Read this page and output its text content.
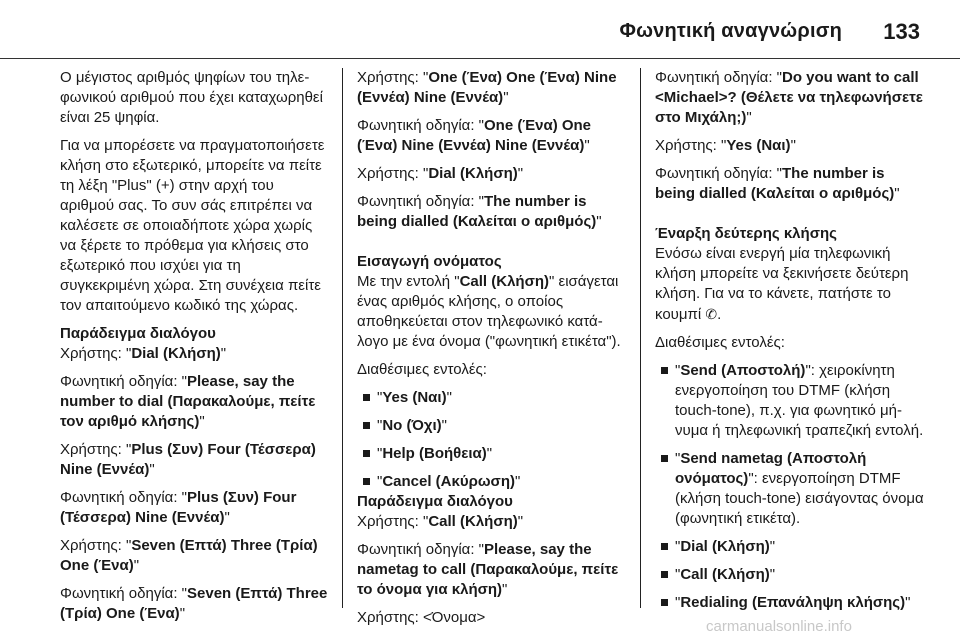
Φωνητική αναγνώριση 133

Ο μέγιστος αριθμός ψηφίων του τηλεφωνικού αριθμού που έχει καταχωρηθεί είναι 25 ψηφία.

Για να μπορέσετε να πραγματοποιήσετε κλήση στο εξωτερικό, μπορείτε να πείτε τη λέξη "Plus" (+) στην αρχή του αριθμού σας. Το συν σάς επιτρέπει να καλέσετε σε οποιαδήποτε χώρα χωρίς να ξέρετε το πρόθεμα για κλήσεις στο εξωτερικό που ισχύει για τη συγκεκριμένη χώρα. Στη συνέχεια πείτε τον απαιτούμενο κωδικό της χώρας.

Παράδειγμα διαλόγου
Χρήστης: "Dial (Κλήση)"
Φωνητική οδηγία: "Please, say the number to dial (Παρακαλούμε, πείτε τον αριθμό κλήσης)"
Χρήστης: "Plus (Συν) Four (Τέσσερα) Nine (Εννέα)"
Φωνητική οδηγία: "Plus (Συν) Four (Τέσσερα) Nine (Εννέα)"
Χρήστης: "Seven (Επτά) Three (Τρία) One (Ένα)"
Φωνητική οδηγία: "Seven (Επτά) Three (Τρία) One (Ένα)"
Χρήστης: "One (Ένα) One (Ένα) Nine (Εννέα) Nine (Εννέα)"
Φωνητική οδηγία: "One (Ένα) One (Ένα) Nine (Εννέα) Nine (Εννέα)"
Χρήστης: "Dial (Κλήση)"
Φωνητική οδηγία: "The number is being dialled (Καλείται ο αριθμός)"
Εισαγωγή ονόματος

Με την εντολή "Call (Κλήση)" εισάγεται ένας αριθμός κλήσης, ο οποίος αποθηκεύεται στον τηλεφωνικό κατάλογο με ένα όνομα ("φωνητική ετικέτα").

Διαθέσιμες εντολές:

"Yes (Ναι)"
"No (Όχι)"
"Help (Βοήθεια)"
"Cancel (Ακύρωση)"
Παράδειγμα διαλόγου
Χρήστης: "Call (Κλήση)"
Φωνητική οδηγία: "Please, say the nametag to call (Παρακαλούμε, πείτε το όνομα για κλήση)"
Χρήστης: <Όνομα>
Φωνητική οδηγία: "Do you want to call <Michael>? (Θέλετε να τηλεφωνήσετε στο Μιχάλη;)"
Χρήστης: "Yes (Ναι)"
Φωνητική οδηγία: "The number is being dialled (Καλείται ο αριθμός)"
Έναρξη δεύτερης κλήσης

Ενόσω είναι ενεργή μία τηλεφωνική κλήση μπορείτε να ξεκινήσετε δεύτερη κλήση. Για να το κάνετε, πατήστε το κουμπί ✆.

Διαθέσιμες εντολές:

"Send (Αποστολή)": χειροκίνητη ενεργοποίηση του DTMF (κλήση touch-tone), π.χ. για φωνητικό μήνυμα ή τηλεφωνική τραπεζική εντολή.
"Send nametag (Αποστολή ονόματος)": ενεργοποίηση DTMF (κλήση touch-tone) εισάγοντας όνομα (φωνητική ετικέτα).
"Dial (Κλήση)"
"Call (Κλήση)"
"Redialing (Επανάληψη κλήσης)"
carmanualsonline.info
